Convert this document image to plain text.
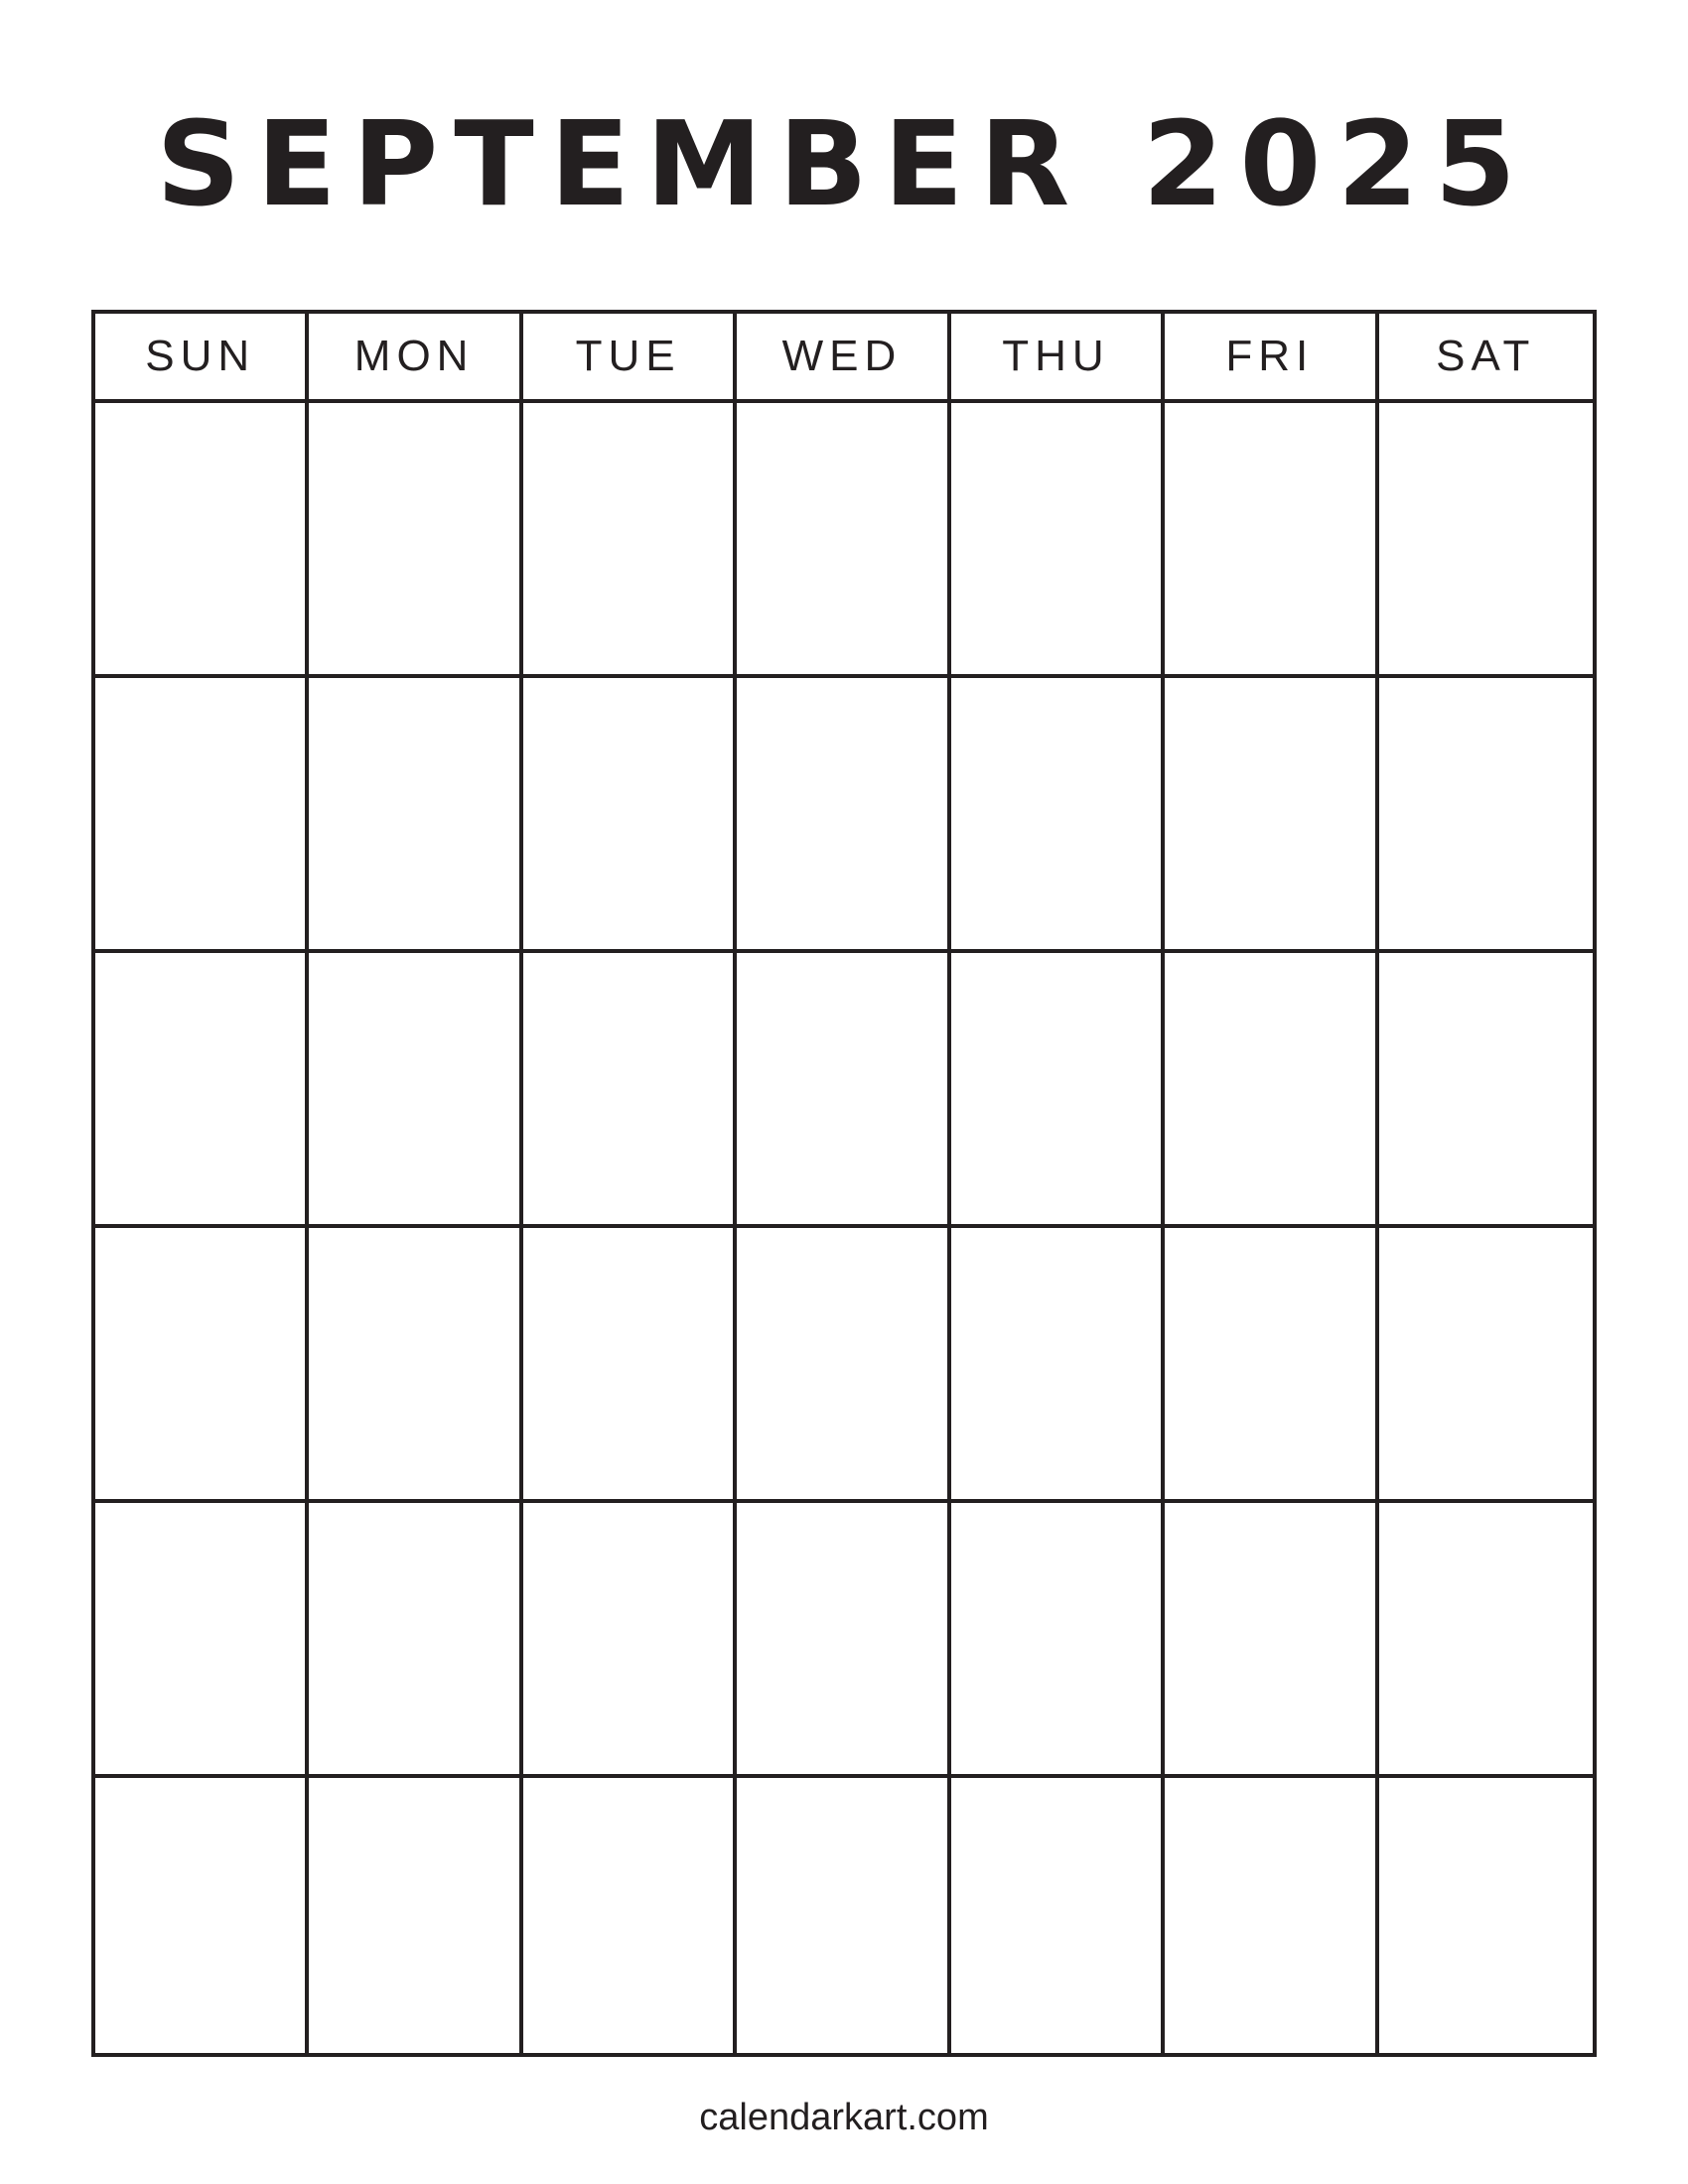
SEPTEMBER 2025
SUN	MON	TUE	WED	THU	FRI	SAT
calendarkart.com
